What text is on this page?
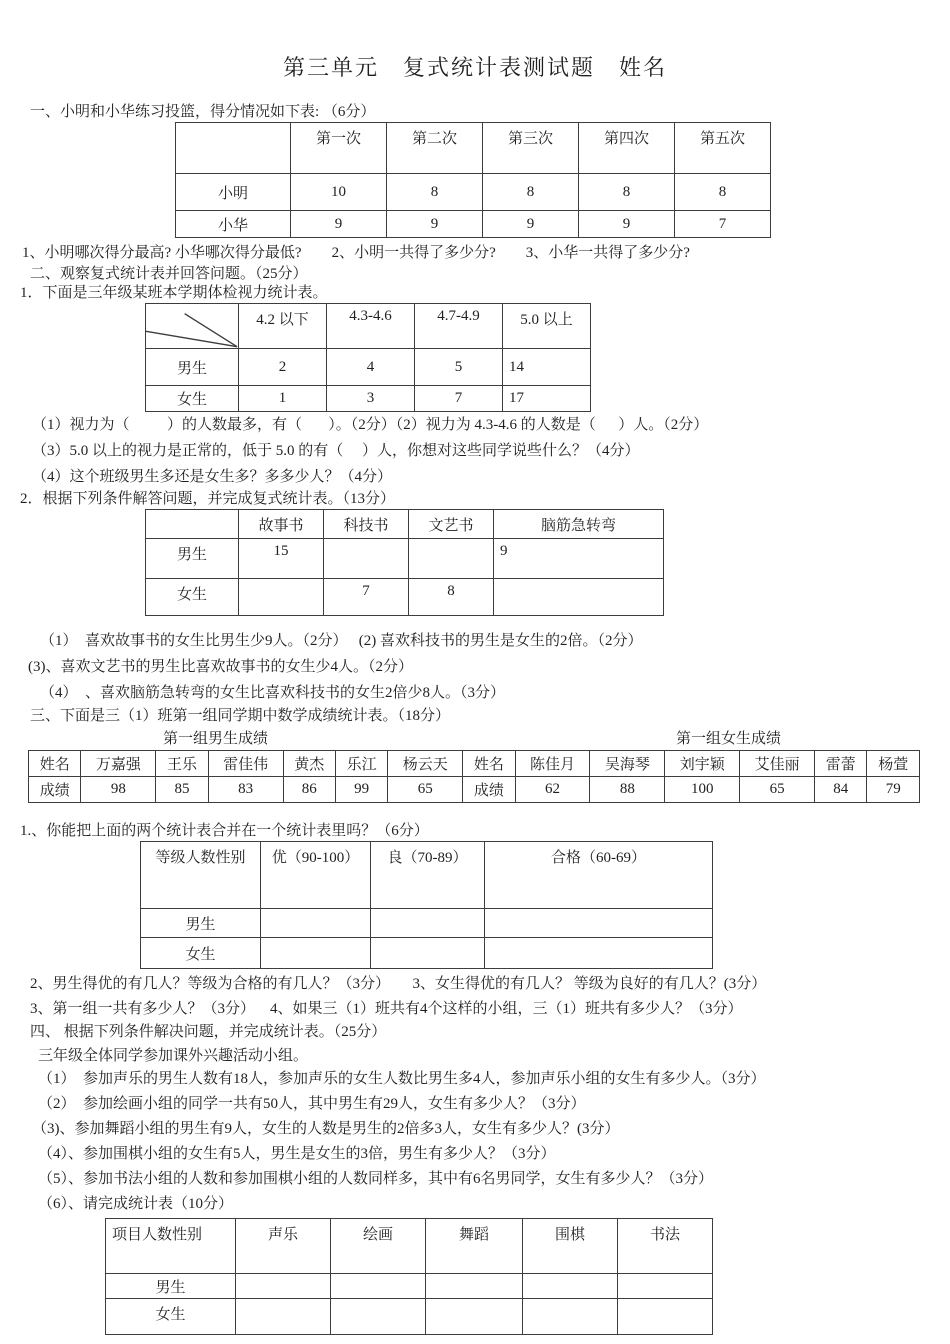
第三单元　复式统计表测试题　姓名
一、小明和小华练习投篮，得分情况如下表: （6分）
	第一次	第二次	第三次	第四次	第五次
小明	10	8	8	8	8
小华	9	9	9	9	7
1、小明哪次得分最高? 小华哪次得分最低?        2、小明一共得了多少分?        3、小华一共得了多少分?
二、观察复式统计表并回答问题。（25分）
1．下面是三年级某班本学期体检视力统计表。
	4.2 以下	4.3-4.6	4.7-4.9	5.0 以上
男生	2	4	5	14
女生	1	3	7	17
（1）视力为（          ）的人数最多，有（       ）。（2分）（2）视力为 4.3-4.6 的人数是（      ）人。（2分）
（3）5.0 以上的视力是正常的，低于 5.0 的有（     ）人，你想对这些同学说些什么？（4分）
（4）这个班级男生多还是女生多？多多少人？（4分）
2．根据下列条件解答问题，并完成复式统计表。（13分）
	故事书	科技书	文艺书	脑筋急转弯
男生	15			9
女生		7	8	
（1）  喜欢故事书的女生比男生少9人。（2分）   (2) 喜欢科技书的男生是女生的2倍。（2分）
(3)、喜欢文艺书的男生比喜欢故事书的女生少4人。（2分）
（4）  、喜欢脑筋急转弯的女生比喜欢科技书的女生2倍少8人。（3分）
三、下面是三（1）班第一组同学期中数学成绩统计表。（18分）
第一组男生成绩	第一组女生成绩
姓名	万嘉强	王乐	雷佳伟	黄杰	乐江	杨云天	姓名	陈佳月	吴海琴	刘宇颖	艾佳丽	雷蕾	杨萱
成绩	98	85	83	86	99	65	成绩	62	88	100	65	84	79
1.、你能把上面的两个统计表合并在一个统计表里吗？（6分）
等级人数性别	优（90-100）	良（70-89）	合格（60-69）
男生			
女生			
2、男生得优的有几人？等级为合格的有几人？（3分）      3、女生得优的有几人？ 等级为良好的有几人？(3分）
3、第一组一共有多少人？（3分）    4、如果三（1）班共有4个这样的小组，三（1）班共有多少人？（3分）
四、 根据下列条件解决问题，并完成统计表。（25分）
三年级全体同学参加课外兴趣活动小组。
（1）  参加声乐的男生人数有18人，参加声乐的女生人数比男生多4人，参加声乐小组的女生有多少人。（3分）
（2）  参加绘画小组的同学一共有50人，其中男生有29人，女生有多少人？（3分）
（3)、参加舞蹈小组的男生有9人，女生的人数是男生的2倍多3人，女生有多少人？(3分）
（4）、参加围棋小组的女生有5人，男生是女生的3倍，男生有多少人？（3分）
（5）、参加书法小组的人数和参加围棋小组的人数同样多，其中有6名男同学，女生有多少人？（3分）
（6）、请完成统计表（10分）
项目人数性别	声乐	绘画	舞蹈	围棋	书法
男生					
女生					
